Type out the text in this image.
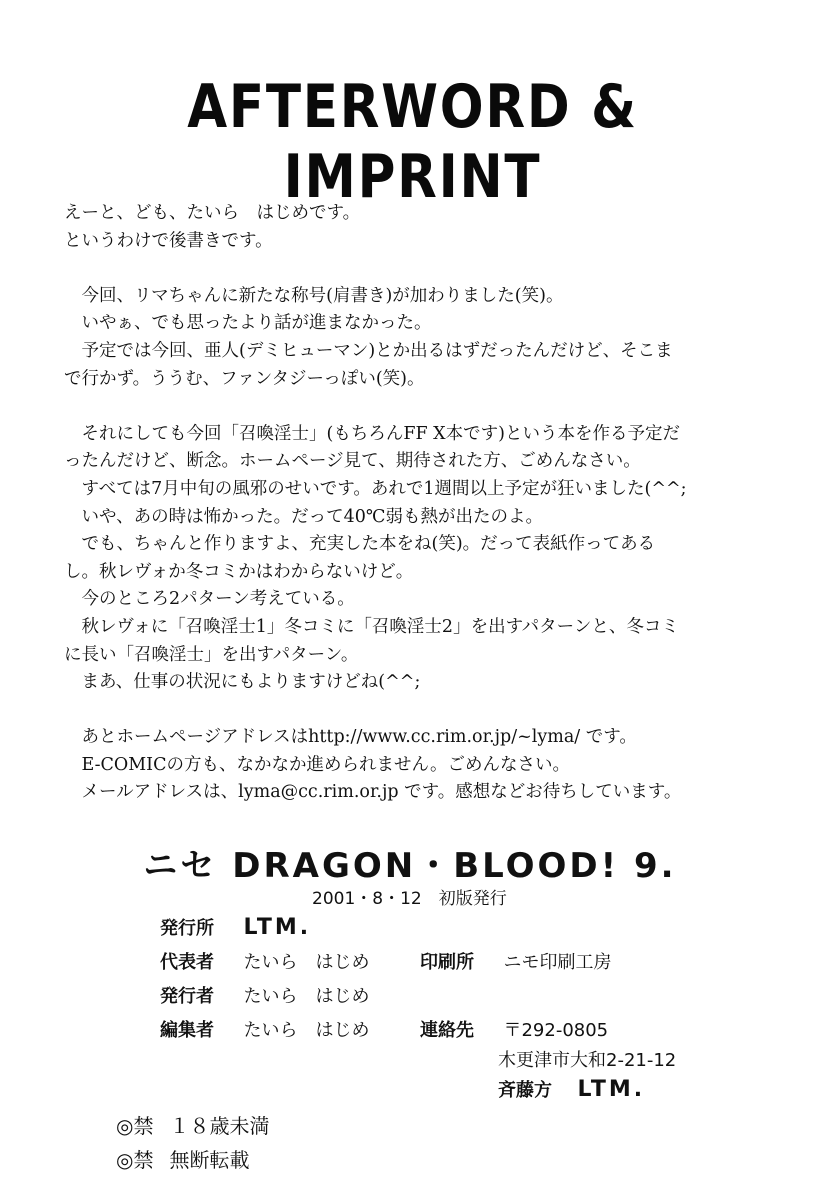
AFTERWORD & IMPRINT
えーと、ども、たいら　はじめです。
というわけで後書きです。
　今回、リマちゃんに新たな称号(肩書き)が加わりました(笑)。
　いやぁ、でも思ったより話が進まなかった。
　予定では今回、亜人(デミヒューマン)とか出るはずだったんだけど、そこま
で行かず。ううむ、ファンタジーっぽい(笑)。
　それにしても今回「召喚淫士」(もちろんFF X本です)という本を作る予定だ
ったんだけど、断念。ホームページ見て、期待された方、ごめんなさい。
　すべては7月中旬の風邪のせいです。あれで1週間以上予定が狂いました(^^;
　いや、あの時は怖かった。だって40℃弱も熱が出たのよ。
　でも、ちゃんと作りますよ、充実した本をね(笑)。だって表紙作ってある
し。秋レヴォか冬コミかはわからないけど。
　今のところ2パターン考えている。
　秋レヴォに「召喚淫士1」冬コミに「召喚淫士2」を出すパターンと、冬コミ
に長い「召喚淫士」を出すパターン。
　まあ、仕事の状況にもよりますけどね(^^;
　あとホームページアドレスはhttp://www.cc.rim.or.jp/~lyma/ です。
　E-COMICの方も、なかなか進められません。ごめんなさい。
　メールアドレスは、lyma@cc.rim.or.jp です。感想などお待ちしています。
ニセ DRAGON・BLOOD! 9.
2001・8・12　初版発行
発行所 LTM.
代表者 たいら　はじめ	印刷所 ニモ印刷工房
発行者 たいら　はじめ
編集者 たいら　はじめ	連絡先 〒292-0805
木更津市大和2-21-12
斉藤方 LTM.
◎禁 １８歳未満
◎禁 無断転載
